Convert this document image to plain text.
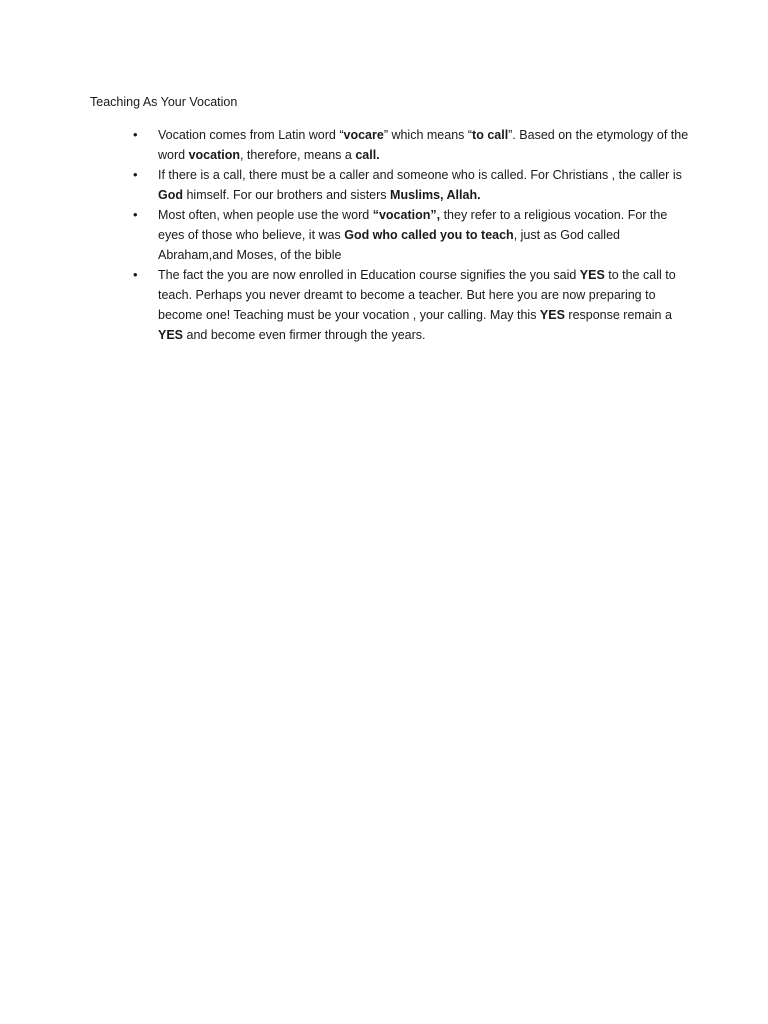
Teaching As Your Vocation
• Vocation comes from Latin word “vocare” which means “to call”. Based on the etymology of the word vocation, therefore, means a call.
• If there is a call, there must be a caller and someone who is called. For Christians , the caller is God himself. For our brothers and sisters Muslims, Allah.
• Most often, when people use the word “vocation”, they refer to a religious vocation. For the eyes of those who believe, it was God who called you to teach, just as God called Abraham,and Moses, of the bible
• The fact the you are now enrolled in Education course signifies the you said YES to the call to teach. Perhaps you never dreamt to become a teacher. But here you are now preparing to become one! Teaching must be your vocation , your calling. May this YES response remain a YES and become even firmer through the years.
